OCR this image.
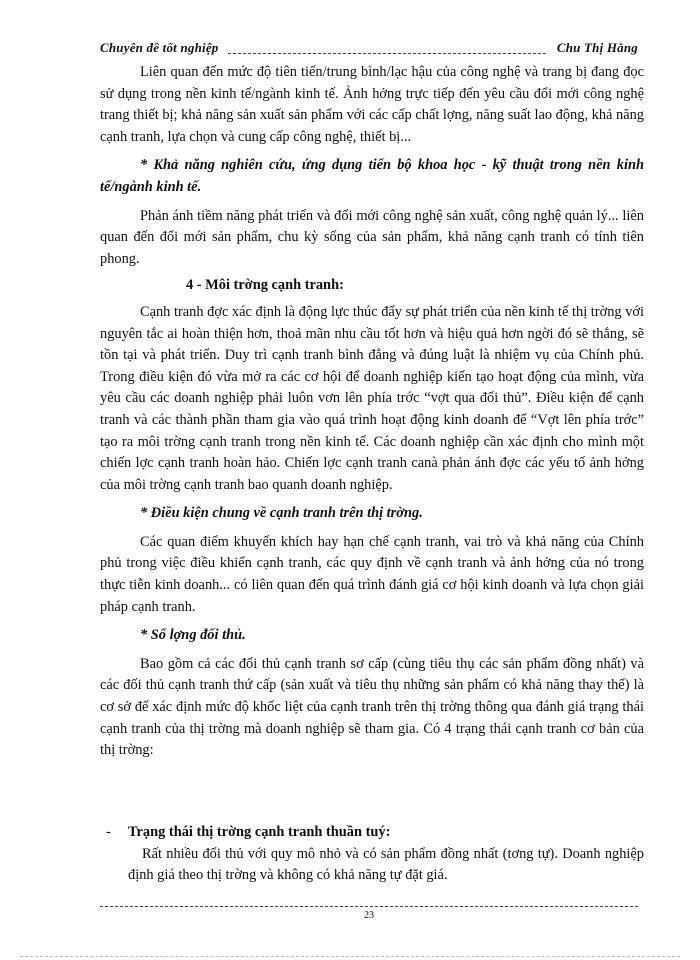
Chuyên đề tốt nghiệp	Chu Thị Hằng

Liên quan đến mức độ tiên tiến/trung bình/lạc hậu của công nghệ và trang bị đang đọc sử dụng trong nền kinh tế/ngành kinh tế. Ảnh hởng trực tiếp đến yêu cầu đổi mới công nghệ trang thiết bị; khả năng sản xuất sản phẩm với các cấp chất lợng, năng suất lao động, khả năng cạnh tranh, lựa chọn và cung cấp công nghệ, thiết bị...

* Khả năng nghiên cứu, ứng dụng tiến bộ khoa học - kỹ thuật trong nền kinh tế/ngành kinh tế.

Phản ánh tiềm năng phát triển và đổi mới công nghệ sản xuất, công nghệ quản lý... liên quan đến đổi mới sản phẩm, chu kỳ sống của sản phẩm, khả năng cạnh tranh có tính tiên phong.

4 - Môi trờng cạnh tranh:

Cạnh tranh đợc xác định là động lực thúc đẩy sự phát triển của nền kinh tế thị trờng với nguyên tắc ai hoàn thiện hơn, thoả mãn nhu cầu tốt hơn và hiệu quả hơn ngời đó sẽ thắng, sẽ tồn tại và phát triển. Duy trì cạnh tranh bình đẳng và đúng luật là nhiệm vụ của Chính phủ. Trong điều kiện đó vừa mở ra các cơ hội để doanh nghiệp kiến tạo hoạt động của mình, vừa yêu cầu các doanh nghiệp phải luôn vơn lên phía trớc “vợt qua đối thủ”. Điều kiện để cạnh tranh và các thành phần tham gia vào quá trình hoạt động kinh doanh để “Vợt lên phía trớc” tạo ra môi trờng cạnh tranh trong nền kinh tế. Các doanh nghiệp cần xác định cho mình một chiến lợc cạnh tranh hoàn hảo. Chiến lợc cạnh tranh canà phản ánh đợc các yếu tố ảnh hởng của môi trờng cạnh tranh bao quanh doanh nghiệp.

* Điều kiện chung về cạnh tranh trên thị trờng.

Các quan điểm khuyến khích hay hạn chế cạnh tranh, vai trò và khả năng của Chính phủ trong việc điều khiển cạnh tranh, các quy định về cạnh tranh và ảnh hởng của nó trong thực tiễn kinh doanh... có liên quan đến quá trình đánh giá cơ hội kinh doanh và lựa chọn giải pháp cạnh tranh.

* Số lợng đối thủ.

Bao gồm cả các đối thủ cạnh tranh sơ cấp (cùng tiêu thụ các sản phẩm đồng nhất) và các đối thủ cạnh tranh thứ cấp (sản xuất và tiêu thụ những sản phẩm có khả năng thay thế) là cơ sở để xác định mức độ khốc liệt của cạnh tranh trên thị trờng thông qua đánh giá trạng thái cạnh tranh của thị trờng mà doanh nghiệp sẽ tham gia. Có 4 trạng thái cạnh tranh cơ bản của thị trờng:

- Trạng thái thị trờng cạnh tranh thuần tuý:

Rất nhiều đối thủ với quy mô nhỏ và có sản phẩm đồng nhất (tơng tự). Doanh nghiệp định giá theo thị trờng và không có khả năng tự đặt giá.

23
